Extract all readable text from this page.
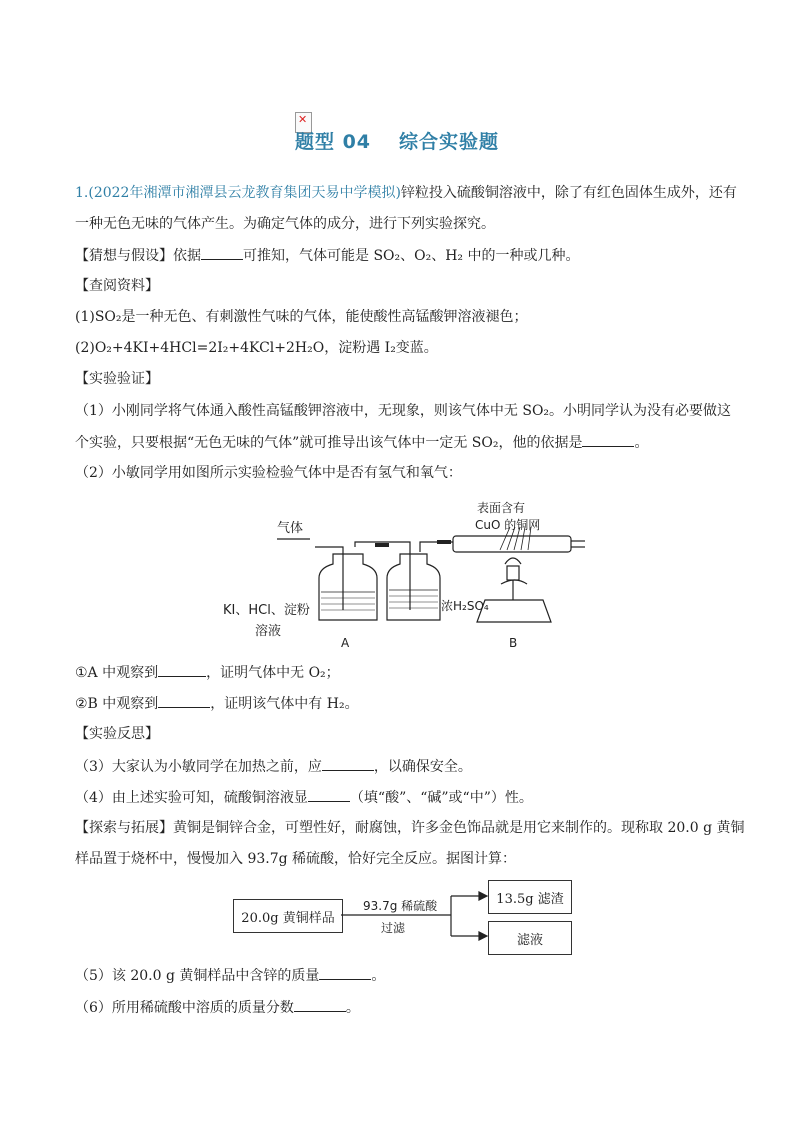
✕
题型 04 综合实验题
1.(2022年湘潭市湘潭县云龙教育集团天易中学模拟)锌粒投入硫酸铜溶液中，除了有红色固体生成外，还有
一种无色无味的气体产生。为确定气体的成分，进行下列实验探究。
【猜想与假设】依据	可推知，气体可能是 SO₂、O₂、H₂ 中的一种或几种。
【查阅资料】
(1)SO₂是一种无色、有刺激性气味的气体，能使酸性高锰酸钾溶液褪色；
(2)O₂+4KI+4HCl=2I₂+4KCl+2H₂O，淀粉遇 I₂变蓝。
【实验验证】
（1）小刚同学将气体通入酸性高锰酸钾溶液中，无现象，则该气体中无 SO₂。小明同学认为没有必要做这
个实验，只要根据“无色无味的气体”就可推导出该气体中一定无 SO₂，他的依据是	。
（2）小敏同学用如图所示实验检验气体中是否有氢气和氧气：
气体
KI、HCl、淀粉
溶液
A
浓H₂SO₄
表面含有
CuO 的铜网
B
①A 中观察到	，证明气体中无 O₂；
②B 中观察到	，证明该气体中有 H₂。
【实验反思】
（3）大家认为小敏同学在加热之前，应	，以确保安全。
（4）由上述实验可知，硫酸铜溶液显	（填“酸”、“碱”或“中”）性。
【探索与拓展】黄铜是铜锌合金，可塑性好，耐腐蚀，许多金色饰品就是用它来制作的。现称取 20.0 g 黄铜
样品置于烧杯中，慢慢加入 93.7g 稀硫酸，恰好完全反应。据图计算：
20.0g 黄铜样品
93.7g 稀硫酸
过滤
13.5g 滤渣
滤液
（5）该 20.0 g 黄铜样品中含锌的质量	。
（6）所用稀硫酸中溶质的质量分数	。
